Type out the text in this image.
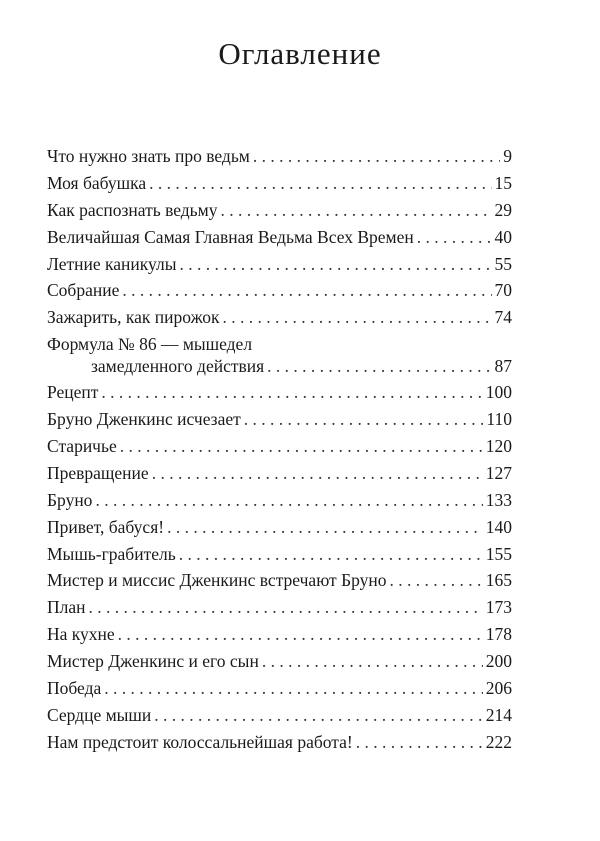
Оглавление
Что нужно знать про ведьм . . .	9
Моя бабушка . . .	15
Как распознать ведьму . . .	29
Величайшая Самая Главная Ведьма Всех Времен . . .	40
Летние каникулы . . .	55
Собрание . . .	70
Зажарить, как пирожок . . .	74
Формула № 86 — мышедел
замедленного действия . . .	87
Рецепт . . .	100
Бруно Дженкинс исчезает . . .	110
Старичье . . .	120
Превращение . . .	127
Бруно . . .	133
Привет, бабуся! . . .	140
Мышь-грабитель . . .	155
Мистер и миссис Дженкинс встречают Бруно . . .	165
План . . .	173
На кухне . . .	178
Мистер Дженкинс и его сын . . .	200
Победа . . .	206
Сердце мыши . . .	214
Нам предстоит колоссальнейшая работа! . . .	222
